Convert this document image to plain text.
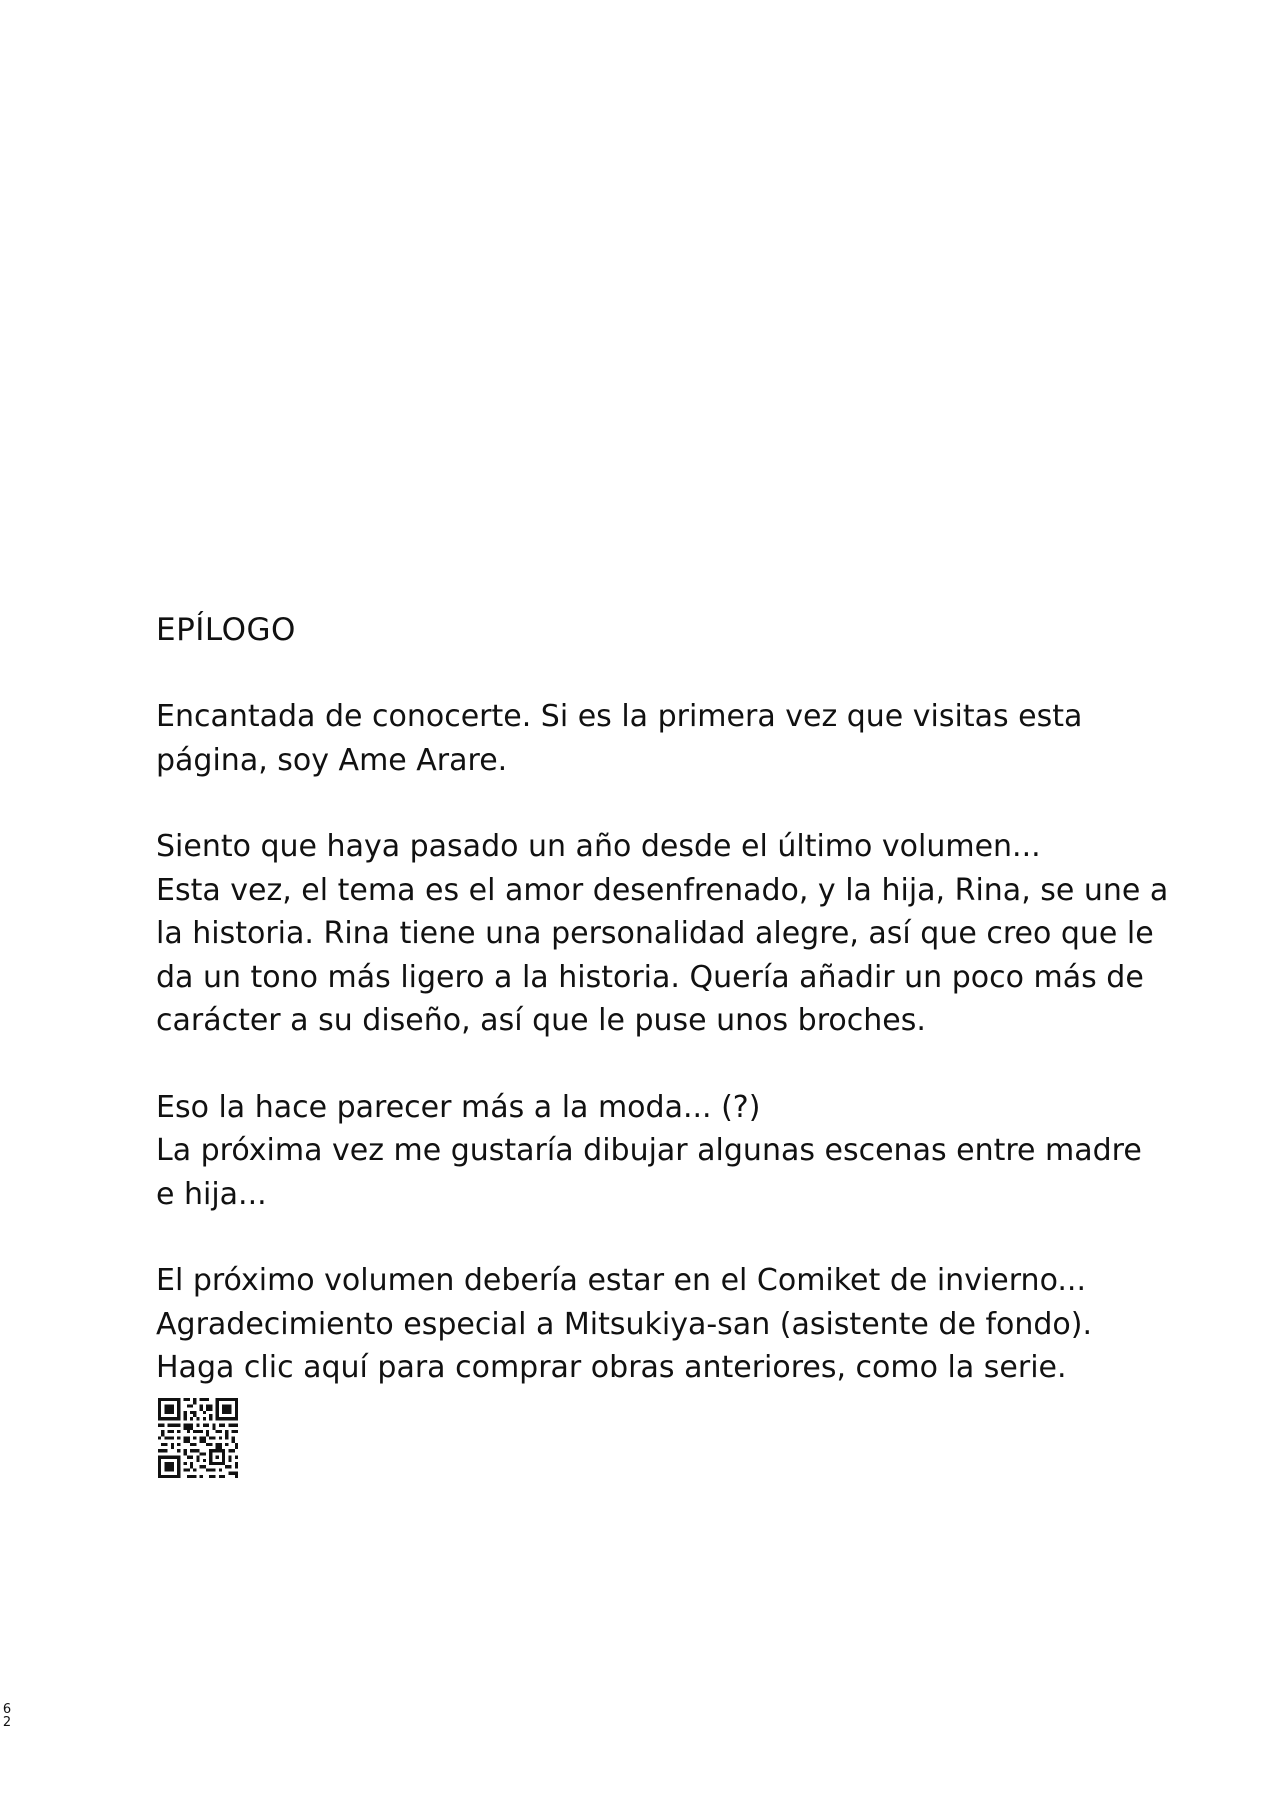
EPÍLOGO
Encantada de conocerte. Si es la primera vez que visitas esta
página, soy Ame Arare.
Siento que haya pasado un año desde el último volumen...
Esta vez, el tema es el amor desenfrenado, y la hija, Rina, se une a
la historia. Rina tiene una personalidad alegre, así que creo que le
da un tono más ligero a la historia. Quería añadir un poco más de
carácter a su diseño, así que le puse unos broches.
Eso la hace parecer más a la moda... (?)
La próxima vez me gustaría dibujar algunas escenas entre madre
e hija...
El próximo volumen debería estar en el Comiket de invierno...
Agradecimiento especial a Mitsukiya-san (asistente de fondo).
Haga clic aquí para comprar obras anteriores, como la serie.
6
2
